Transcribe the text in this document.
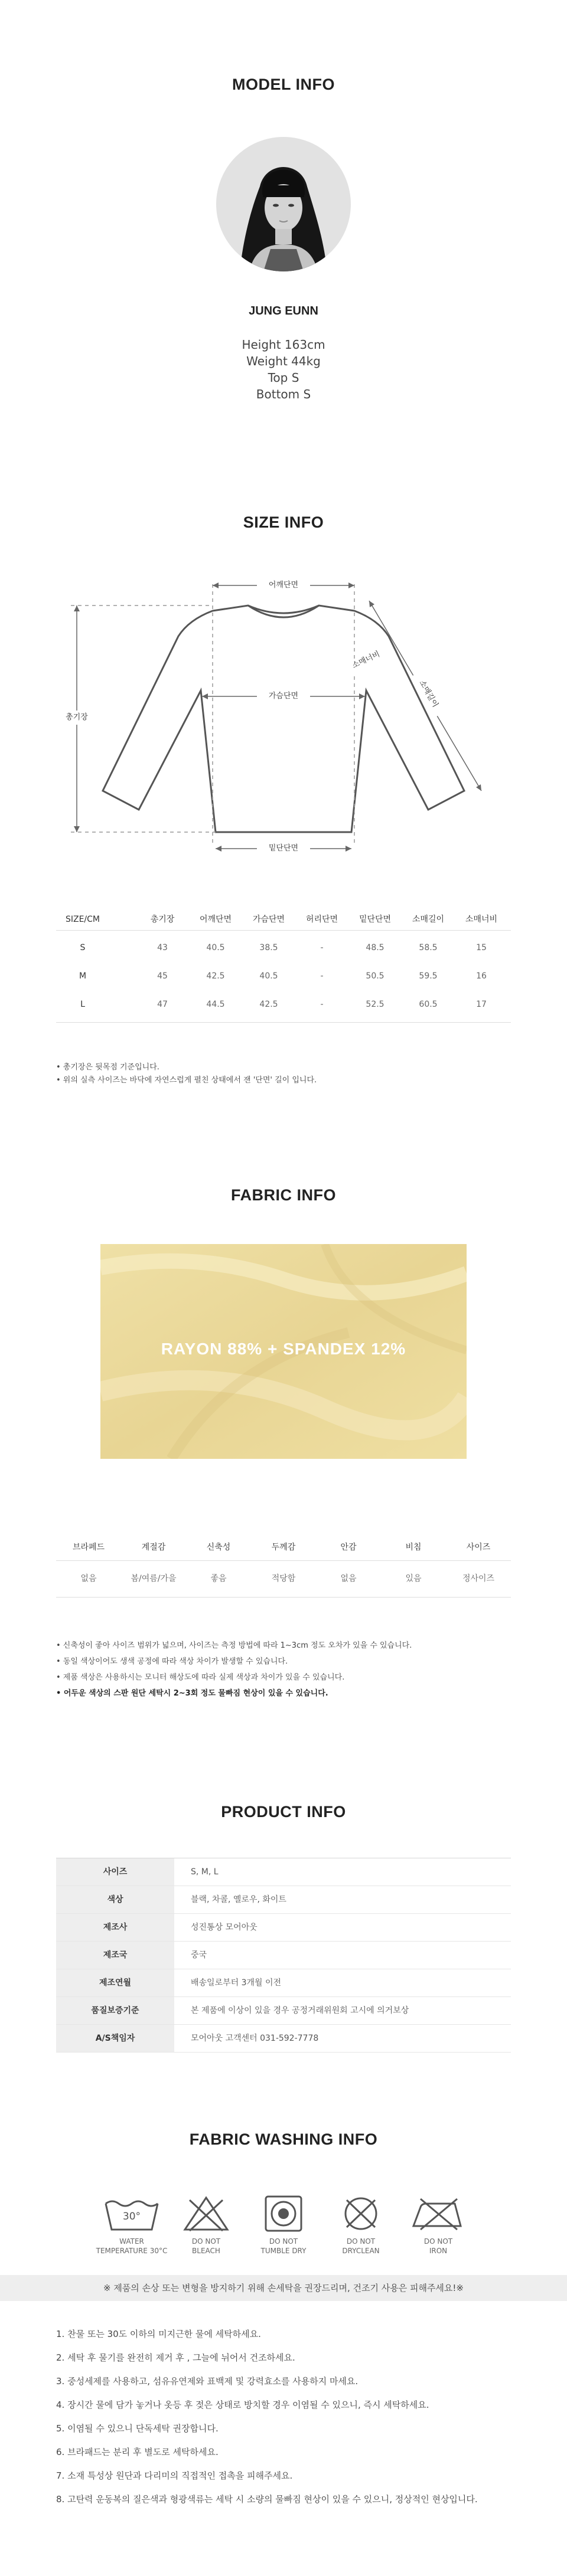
MODEL INFO
JUNG EUNN
Height 163cm
Weight 44kg
Top S
Bottom S
SIZE INFO
어깨단면
가슴단면
총기장
밑단단면
소매길이
소매너비
SIZE/CM	총기장	어깨단면	가슴단면	허리단면	밑단단면	소매길이	소매너비
S	43	40.5	38.5	-	48.5	58.5	15
M	45	42.5	40.5	-	50.5	59.5	16
L	47	44.5	42.5	-	52.5	60.5	17
• 총기장은 뒷목점 기준입니다.
• 위의 실측 사이즈는 바닥에 자연스럽게 펼친 상태에서 잰 '단면' 길이 입니다.
FABRIC INFO
RAYON 88% + SPANDEX 12%
브라페드	계절감	신축성	두께감	안감	비침	사이즈
없음	봄/여름/가을	좋음	적당함	없음	있음	정사이즈
• 신축성이 좋아 사이즈 범위가 넓으며, 사이즈는 측정 방법에 따라 1~3cm 정도 오차가 있을 수 있습니다.
• 동일 색상이어도 생색 공정에 따라 색상 차이가 발생할 수 있습니다.
• 제품 색상은 사용하시는 모니터 해상도에 따라 실제 색상과 차이가 있을 수 있습니다.
• 어두운 색상의 스판 원단 세탁시 2~3회 정도 물빠짐 현상이 있을 수 있습니다.
PRODUCT INFO
사이즈	S, M, L
색상	블랙, 차콜, 옐로우, 화이트
제조사	성진통상 모어아웃
제조국	중국
제조연월	배송일로부터 3개월 이전
품질보증기준	본 제품에 이상이 있을 경우 공정거래위원회 고시에 의거보상
A/S책임자	모어아웃 고객센터 031-592-7778
FABRIC WASHING INFO
30°
WATER
TEMPERATURE 30°C
DO NOT
BLEACH
DO NOT
TUMBLE DRY
DO NOT
DRYCLEAN
DO NOT
IRON
※ 제품의 손상 또는 변형을 방지하기 위해 손세탁을 권장드리며, 건조기 사용은 피해주세요!※
1. 찬물 또는 30도 이하의 미지근한 물에 세탁하세요.
2. 세탁 후 물기를 완전히 제거 후 , 그늘에 뉘어서 건조하세요.
3. 중성세제를 사용하고, 섬유유연제와 표백제 및 강력효소를 사용하지 마세요.
4. 장시간 물에 담가 놓거나 옷등 후 젖은 상태로 방치할 경우 이염될 수 있으니, 즉시 세탁하세요.
5. 이염될 수 있으니 단독세탁 권장합니다.
6. 브라패드는 분리 후 별도로 세탁하세요.
7. 소재 특성상 원단과 다리미의 직접적인 접촉을 피해주세요.
8. 고탄력 운동복의 질은색과 형광색류는 세탁 시 소량의 물빠짐 현상이 있을 수 있으니, 정상적인 현상입니다.
